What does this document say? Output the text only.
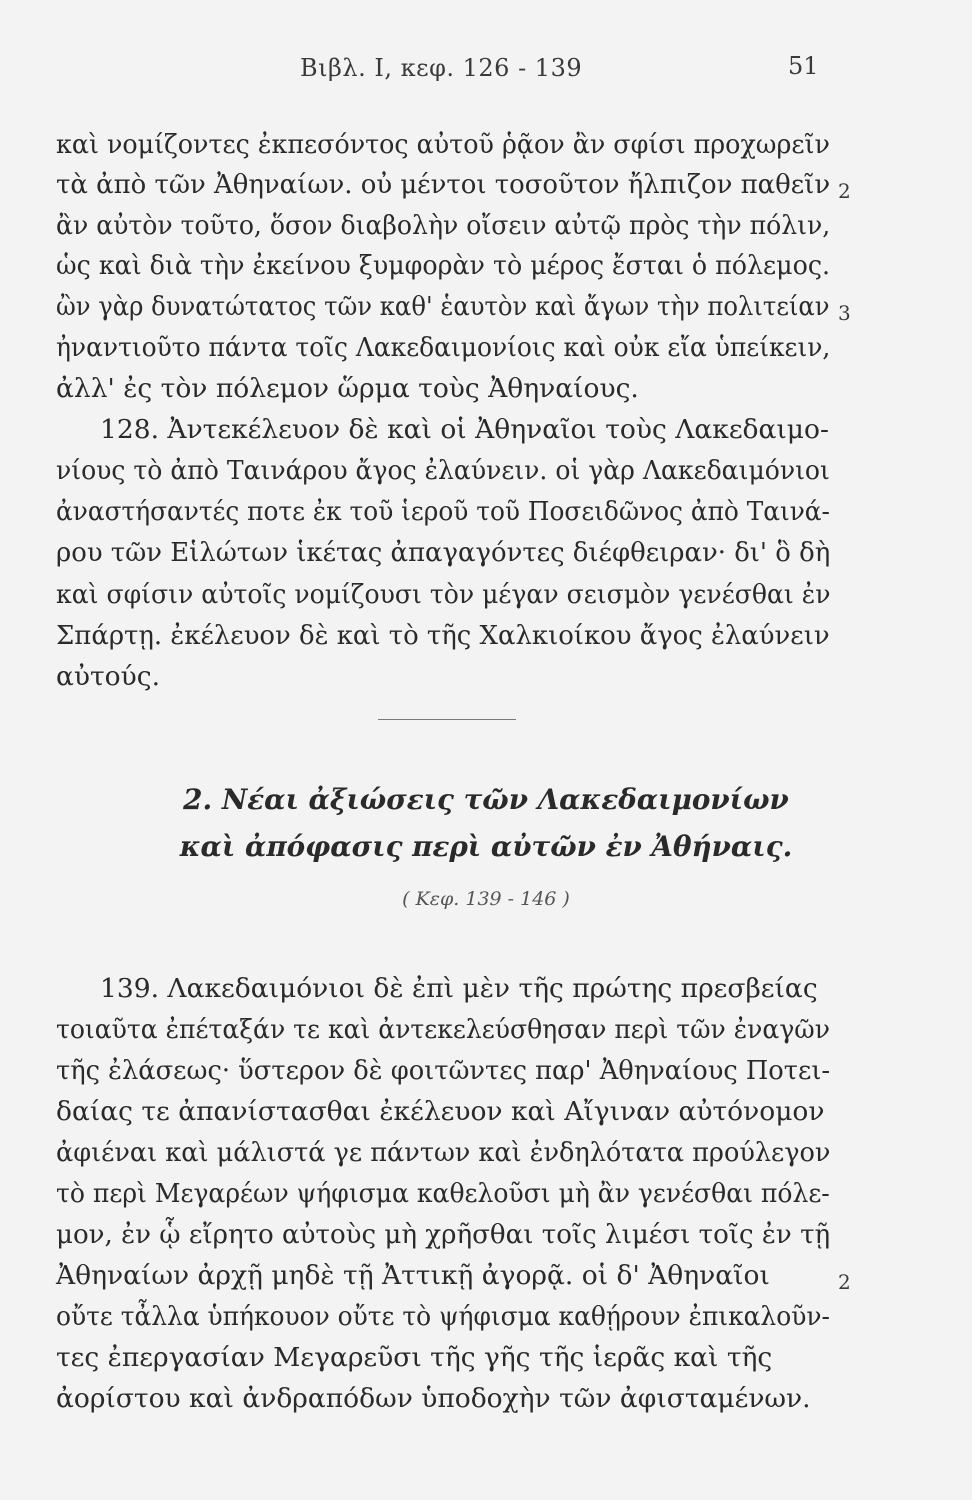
Βιβλ. Ι, κεφ. 126 - 139	51
καὶ νομίζοντες ἐκπεσόντος αὐτοῦ ῥᾷον ἂν σφίσι προχωρεῖν
τὰ ἀπὸ τῶν Ἀθηναίων. οὐ μέντοι τοσοῦτον ἤλπιζον παθεῖν 2
ἂν αὐτὸν τοῦτο, ὅσον διαβολὴν οἴσειν αὐτῷ πρὸς τὴν πόλιν,
ὡς καὶ διὰ τὴν ἐκείνου ξυμφορὰν τὸ μέρος ἔσται ὁ πόλεμος.
ὢν γὰρ δυνατώτατος τῶν καθ' ἑαυτὸν καὶ ἄγων τὴν πολιτείαν 3
ἠναντιοῦτο πάντα τοῖς Λακεδαιμονίοις καὶ οὐκ εἴα ὑπείκειν,
ἀλλ' ἐς τὸν πόλεμον ὥρμα τοὺς Ἀθηναίους.
128. Ἀντεκέλευον δὲ καὶ οἱ Ἀθηναῖοι τοὺς Λακεδαιμο-
νίους τὸ ἀπὸ Ταινάρου ἄγος ἐλαύνειν. οἱ γὰρ Λακεδαιμόνιοι
ἀναστήσαντές ποτε ἐκ τοῦ ἱεροῦ τοῦ Ποσειδῶνος ἀπὸ Ταινά-
ρου τῶν Εἱλώτων ἱκέτας ἀπαγαγόντες διέφθειραν· δι' ὃ δὴ
καὶ σφίσιν αὐτοῖς νομίζουσι τὸν μέγαν σεισμὸν γενέσθαι ἐν
Σπάρτῃ. ἐκέλευον δὲ καὶ τὸ τῆς Χαλκιοίκου ἄγος ἐλαύνειν
αὐτούς.
2. Νέαι ἀξιώσεις τῶν Λακεδαιμονίων
καὶ ἀπόφασις περὶ αὐτῶν ἐν Ἀθήναις.
( Κεφ. 139 - 146 )
139. Λακεδαιμόνιοι δὲ ἐπὶ μὲν τῆς πρώτης πρεσβείας
τοιαῦτα ἐπέταξάν τε καὶ ἀντεκελεύσθησαν περὶ τῶν ἐναγῶν
τῆς ἐλάσεως· ὕστερον δὲ φοιτῶντες παρ' Ἀθηναίους Ποτει-
δαίας τε ἀπανίστασθαι ἐκέλευον καὶ Αἴγιναν αὐτόνομον
ἀφιέναι καὶ μάλιστά γε πάντων καὶ ἐνδηλότατα προύλεγον
τὸ περὶ Μεγαρέων ψήφισμα καθελοῦσι μὴ ἂν γενέσθαι πόλε-
μον, ἐν ᾧ εἴρητο αὐτοὺς μὴ χρῆσθαι τοῖς λιμέσι τοῖς ἐν τῇ
Ἀθηναίων ἀρχῇ μηδὲ τῇ Ἀττικῇ ἀγορᾷ. οἱ δ' Ἀθηναῖοι	2
οὔτε τἆλλα ὑπήκουον οὔτε τὸ ψήφισμα καθῄρουν ἐπικαλοῦν-
τες ἐπεργασίαν Μεγαρεῦσι τῆς γῆς τῆς ἱερᾶς καὶ τῆς
ἀορίστου καὶ ἀνδραπόδων ὑποδοχὴν τῶν ἀφισταμένων.
